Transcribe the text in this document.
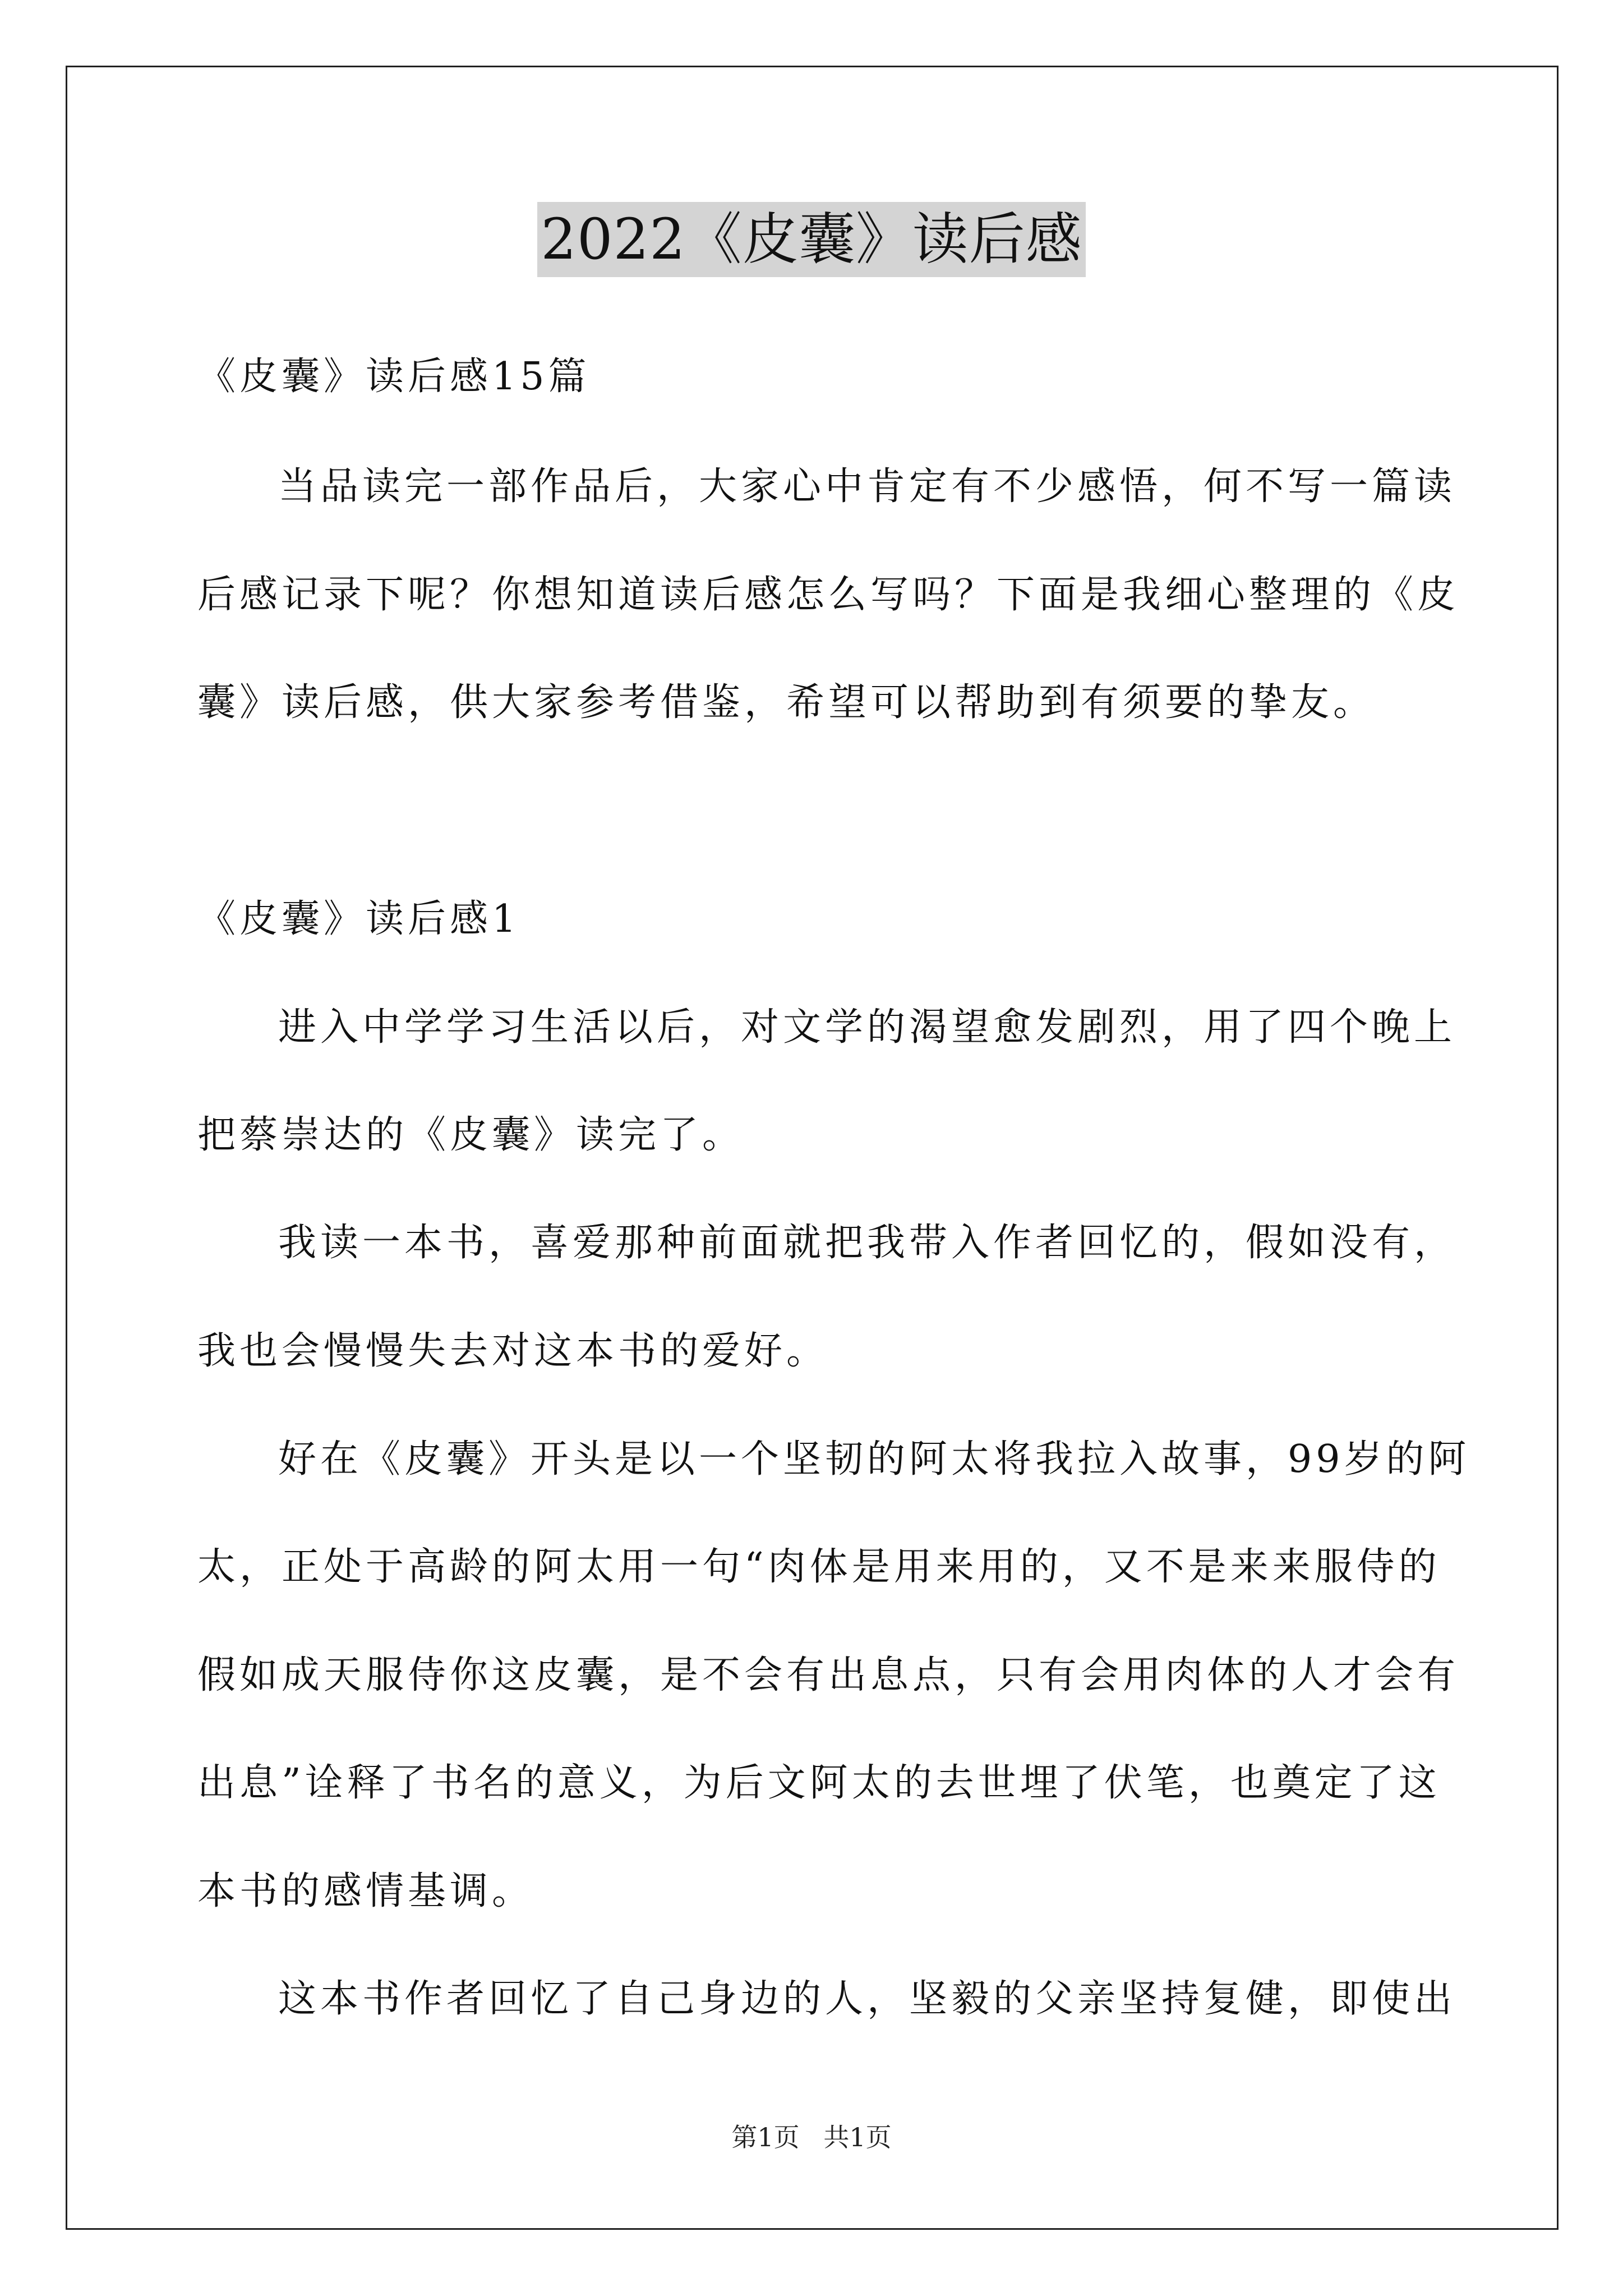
2022《皮囊》读后感
《皮囊》读后感15篇
当品读完一部作品后，大家心中肯定有不少感悟，何不写一篇读
后感记录下呢？你想知道读后感怎么写吗？下面是我细心整理的《皮
囊》读后感，供大家参考借鉴，希望可以帮助到有须要的挚友。
《皮囊》读后感1
进入中学学习生活以后，对文学的渴望愈发剧烈，用了四个晚上
把蔡崇达的《皮囊》读完了。
我读一本书，喜爱那种前面就把我带入作者回忆的，假如没有，
我也会慢慢失去对这本书的爱好。
好在《皮囊》开头是以一个坚韧的阿太将我拉入故事，99岁的阿
太，正处于高龄的阿太用一句“肉体是用来用的，又不是来来服侍的
假如成天服侍你这皮囊，是不会有出息点，只有会用肉体的人才会有
出息”诠释了书名的意义，为后文阿太的去世埋了伏笔，也奠定了这
本书的感情基调。
这本书作者回忆了自己身边的人，坚毅的父亲坚持复健，即使出
第1页 共1页
